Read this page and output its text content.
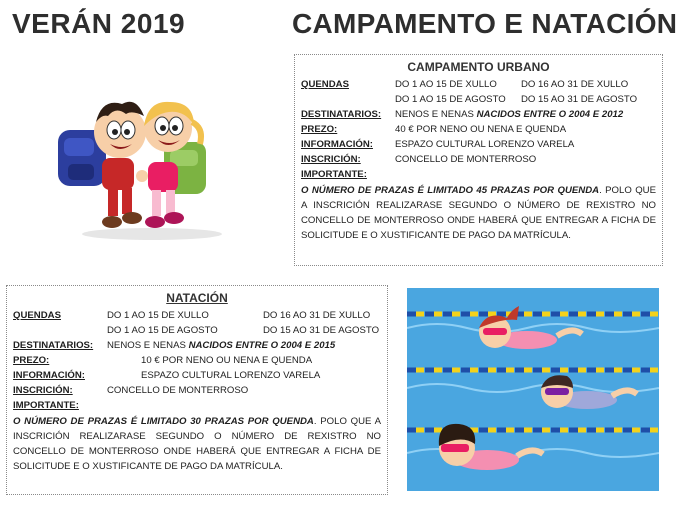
VERÁN 2019	CAMPAMENTO E NATACIÓN
CAMPAMENTO URBANO
QUENDAS	DO 1 AO 15 DE XULLO	DO 16 AO 31 DE XULLO
DO 1 AO 15 DE AGOSTO DO 15 AO 31 DE AGOSTO
DESTINATARIOS: NENOS E NENAS NACIDOS ENTRE O 2004 E 2012
PREZO:	40 € POR NENO OU NENA E QUENDA
INFORMACIÓN: ESPAZO CULTURAL LORENZO VARELA
INSCRICIÓN:	CONCELLO DE MONTERROSO
IMPORTANTE:
O NÚMERO DE PRAZAS É LIMITADO 45 PRAZAS POR QUENDA. POLO QUE A INSCRICIÓN REALIZARASE SEGUNDO O NÚMERO DE REXISTRO NO CONCELLO DE MONTERROSO ONDE HABERÁ QUE ENTREGAR A FICHA DE SOLICITUDE E O XUSTIFICANTE DE PAGO DA MATRÍCULA.
NATACIÓN
QUENDAS	DO 1 AO 15 DE XULLO	DO 16 AO 31 DE XULLO
DO 1 AO 15 DE AGOSTO	DO 15 AO 31 DE AGOSTO
DESTINATARIOS: NENOS E NENAS NACIDOS ENTRE O 2004 E 2015
PREZO:	10 € POR NENO OU NENA E QUENDA
INFORMACIÓN:	ESPAZO CULTURAL LORENZO VARELA
INSCRICIÓN:	CONCELLO DE MONTERROSO
IMPORTANTE:
O NÚMERO DE PRAZAS É LIMITADO 30 PRAZAS POR QUENDA. POLO QUE A INSCRICIÓN REALIZARASE SEGUNDO O NÚMERO DE REXISTRO NO CONCELLO DE MONTERROSO ONDE HABERÁ QUE ENTREGAR A FICHA DE SOLICITUDE E O XUSTIFICANTE DE PAGO DA MATRÍCULA.
